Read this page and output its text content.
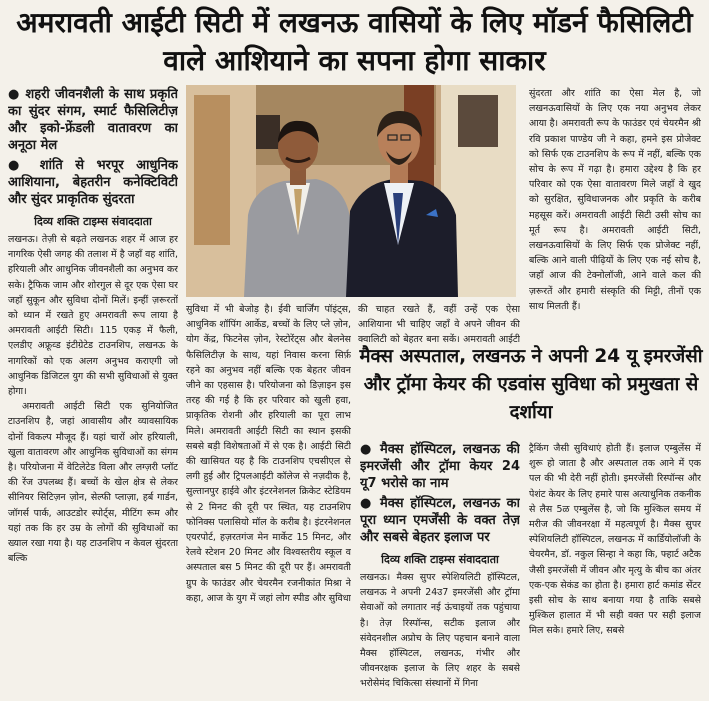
अमरावती आईटी सिटी में लखनऊ वासियों के लिए मॉडर्न फैसिलिटी वाले आशियाने का सपना होगा साकार
● शहरी जीवनशैली के साथ प्रकृति का सुंदर संगम, स्मार्ट फैसिलिटीज़ और इको-फ्रेंडली वातावरण का अनूठा मेल
● शांति से भरपूर आधुनिक आशियाना, बेहतरीन कनेक्टिविटी और सुंदर प्राकृतिक सुंदरता
दिव्य शक्ति टाइम्स संवाददाता

लखनऊ। तेज़ी से बढ़ते लखनऊ शहर में आज हर नागरिक ऐसी जगह की तलाश में है जहाँ वह शांति, हरियाली और आधुनिक जीवनशैली का अनुभव कर सके। ट्रैफिक जाम और शोरगुल से दूर एक ऐसा घर जहाँ सुकून और सुविधा दोनों मिलें। इन्हीं ज़रूरतों को ध्यान में रखते हुए अमरावती रूप लाया है अमरावती आईटी सिटी। 115 एकड़ में फैली, एलडीए अफ्रूव्ड इंटीग्रेटेड टाउनशिप, लखनऊ के नागरिकों को एक अलग अनुभव कराएगी जो आधुनिक डिजिटल युग की सभी सुविधाओं से युक्त होगा।

अमरावती आईटी सिटी एक सुनियोजित टाउनशिप है, जहां आवासीय और व्यावसायिक दोनों विकल्प मौजूद हैं। यहां चारों ओर हरियाली, खुला वातावरण और आधुनिक सुविधाओं का संगम है। परियोजना में वेटिलेटेड विला और लग्ज़री प्लॉट की रेंज उपलब्ध हैं। बच्चों के खेल क्षेत्र से लेकर सीनियर सिटिज़न ज़ोन, सेल्फी प्लाज़ा, हर्ब गार्डन, जॉगर्स पार्क, आउटडोर स्पोर्ट्स, मीटिंग रूम और यहां तक कि हर उम्र के लोगों की सुविधाओं का ख्याल रखा गया है। यह टाउनशिप न केवल सुंदरता बल्कि

सुविधा में भी बेजोड़ है। ईवी चार्जिंग पॉइंट्स, आधुनिक शॉपिंग आर्केड, बच्चों के लिए प्ले ज़ोन, योग केंद्र, फिटनेस ज़ोन, रेस्टोरेंट्स और बेलनेस फैसिलिटीज़ के साथ, यहां निवास करना सिर्फ़ रहने का अनुभव नहीं बल्कि एक बेहतर जीवन जीने का एहसास है। परियोजना को डिज़ाइन इस तरह की गई है कि हर परिवार को खुली हवा, प्राकृतिक रोशनी और हरियाली का पूरा लाभ मिले। अमरावती आईटी सिटी का स्थान इसकी सबसे बड़ी विशेषताओं में से एक है। आईटी सिटी की खासियत यह है कि टाउनशिप एचसीएल से लगी हुई और ट्रिपलआईटी कॉलेज से नज़दीक है, सुल्तानपुर हाईवे और इंटरनेशनल क्रिकेट स्टेडियम से 2 मिनट की दूरी पर स्थित, यह टाउनशिप फोनिक्स पलासियो मॉल के करीब है। इंटरनेशनल एयरपोर्ट, हज़रतगंज मेन मार्केट 15 मिनट, और रेलवे स्टेशन 20 मिनट और विश्वस्तरीय स्कूल व अस्पताल बस 5 मिनट की दूरी पर हैं। अमरावती ग्रुप के फाउंडर और चेयरमैन रजनीकांत मिश्रा ने कहा, आज के युग में जहां लोग स्पीड और सुविधा

की चाहत रखते हैं, वहीं उन्हें एक ऐसा आशियाना भी चाहिए जहाँ वे अपने जीवन की क्वालिटी को बेहतर बना सकें। अमरावती आईटी

सुंदरता और शांति का ऐसा मेल है, जो लखनऊवासियों के लिए एक नया अनुभव लेकर आया है। अमरावती रूप के फाउंडर एवं चेयरमैन श्री रवि प्रकाश पाण्डेय जी ने कहा, हमने इस प्रोजेक्ट को सिर्फ एक टाउनशिप के रूप में नहीं, बल्कि एक सोच के रूप में गढ़ा है। हमारा उद्देश्य है कि हर परिवार को एक ऐसा वातावरण मिले जहाँ वे खुद को सुरक्षित, सुविधाजनक और प्रकृति के करीब महसूस करें। अमरावती आईटी सिटी उसी सोच का मूर्त रूप है। अमरावती आईटी सिटी, लखनऊवासियों के लिए सिर्फ एक प्रोजेक्ट नहीं, बल्कि आने वाली पीढ़ियों के लिए एक नई सोच है, जहाँ आज की टेक्नोलॉजी, आने वाले कल की ज़रूरतें और हमारी संस्कृति की मिट्टी, तीनों एक साथ मिलती हैं।

मैक्स अस्पताल, लखनऊ ने अपनी 24 यू इमरजेंसी और ट्रॉमा केयर की एडवांस सुविधा को प्रमुखता से दर्शाया
● मैक्स हॉस्पिटल, लखनऊ की इमरजेंसी और ट्रॉमा केयर 24 यू7 भरोसे का नाम
● मैक्स हॉस्पिटल, लखनऊ का पूरा ध्यान एमर्जेंसी के वक्त तेज़ और सबसे बेहतर इलाज पर
दिव्य शक्ति टाइम्स संवाददाता

लखनऊ। मैक्स सुपर स्पेशियलिटी हॉस्पिटल, लखनऊ ने अपनी 24उ7 इमरजेंसी और ट्रॉमा सेवाओं को लगातार नई ऊंचाइयों तक पहुंचाया है। तेज़ रिस्पॉन्स, सटीक इलाज और संवेदनशील अप्रोच के लिए पहचान बनाने वाला मैक्स हॉस्पिटल, लखनऊ, गंभीर और जीवनरक्षक इलाज के लिए शहर के सबसे भरोसेमंद चिकित्सा संस्थानों में गिना

ट्रैकिंग जैसी सुविधाएं होती हैं। इलाज एम्बुलेंस में शुरू हो जाता है और अस्पताल तक आने में एक पल की भी देरी नहीं होती। इमरजेंसी रिस्पॉन्स और पेशंट केयर के लिए हमारे पास अत्याधुनिक तकनीक से लैस 5ळ एम्बुलेंस है, जो कि मुश्किल समय में मरीज की जीवनरक्षा में महत्वपूर्ण है। मैक्स सुपर स्पेशियलिटी हॉस्पिटल, लखनऊ में कार्डियोलॉजी के चेयरमैन, डॉ. नकुल सिन्हा ने कहा कि, फ्हार्ट अटैक जैसी इमरजेंसी में जीवन और मृत्यु के बीच का अंतर एक-एक सेकंड का होता है। हमारा हार्ट कमांड सेंटर इसी सोच के साथ बनाया गया है ताकि सबसे मुश्किल हालात में भी सही वक्त पर सही इलाज मिल सके। हमारे लिए, सबसे
